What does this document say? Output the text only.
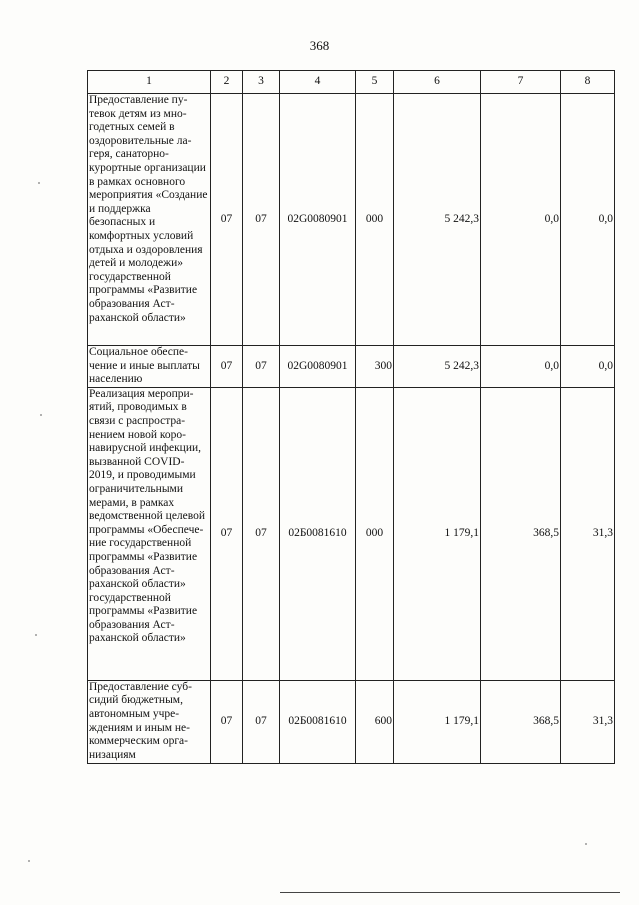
368
1	2	3	4	5	6	7	8
Предоставление путевок детям из многодетных семей в оздоровительные лагеря, санаторно-курортные организации в рамках основного мероприятия «Создание и поддержка безопасных и комфортных условий отдыха и оздоровления детей и молодежи» государственной программы «Развитие образования Астраханской области»	07	07	02G0080901	000	5 242,3	0,0	0,0
Социальное обеспечение и иные выплаты населению	07	07	02G0080901	300	5 242,3	0,0	0,0
Реализация мероприятий, проводимых в связи с распространением новой коронавирусной инфекции, вызванной COVID-2019, и проводимыми ограничительными мерами, в рамках ведомственной целевой программы «Обеспечение государственной программы «Развитие образования Астраханской области» государственной программы «Развитие образования Астраханской области»	07	07	02Б0081610	000	1 179,1	368,5	31,3
Предоставление субсидий бюджетным, автономным учреждениям и иным некоммерческим организациям	07	07	02Б0081610	600	1 179,1	368,5	31,3
